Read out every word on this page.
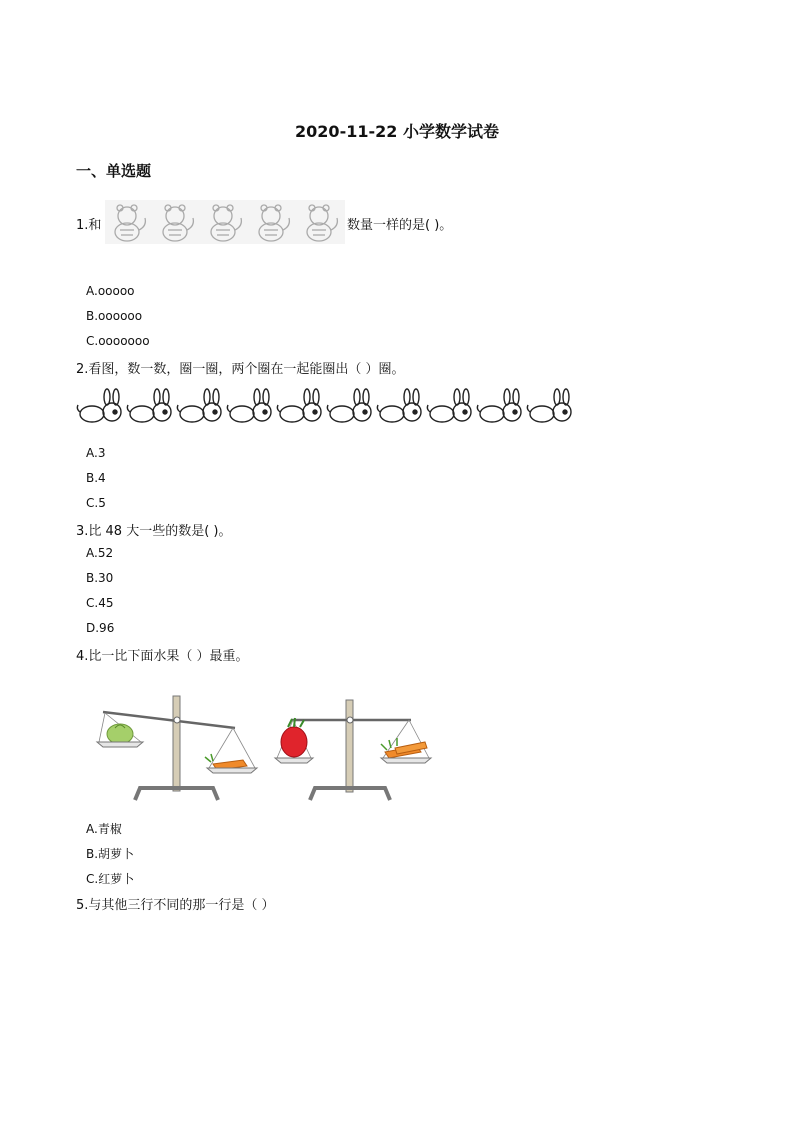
2020-11-22 小学数学试卷
一、单选题
1.和	数量一样的是( )。
A.ooooo
B.oooooo
C.ooooooo
2.看图，数一数，圈一圈，两个圈在一起能圈出（ ）圈。
A.3
B.4
C.5
3.比 48 大一些的数是( )。
A.52
B.30
C.45
D.96
4.比一比下面水果（ ）最重。
A.青椒
B.胡萝卜
C.红萝卜
5.与其他三行不同的那一行是（ ）
